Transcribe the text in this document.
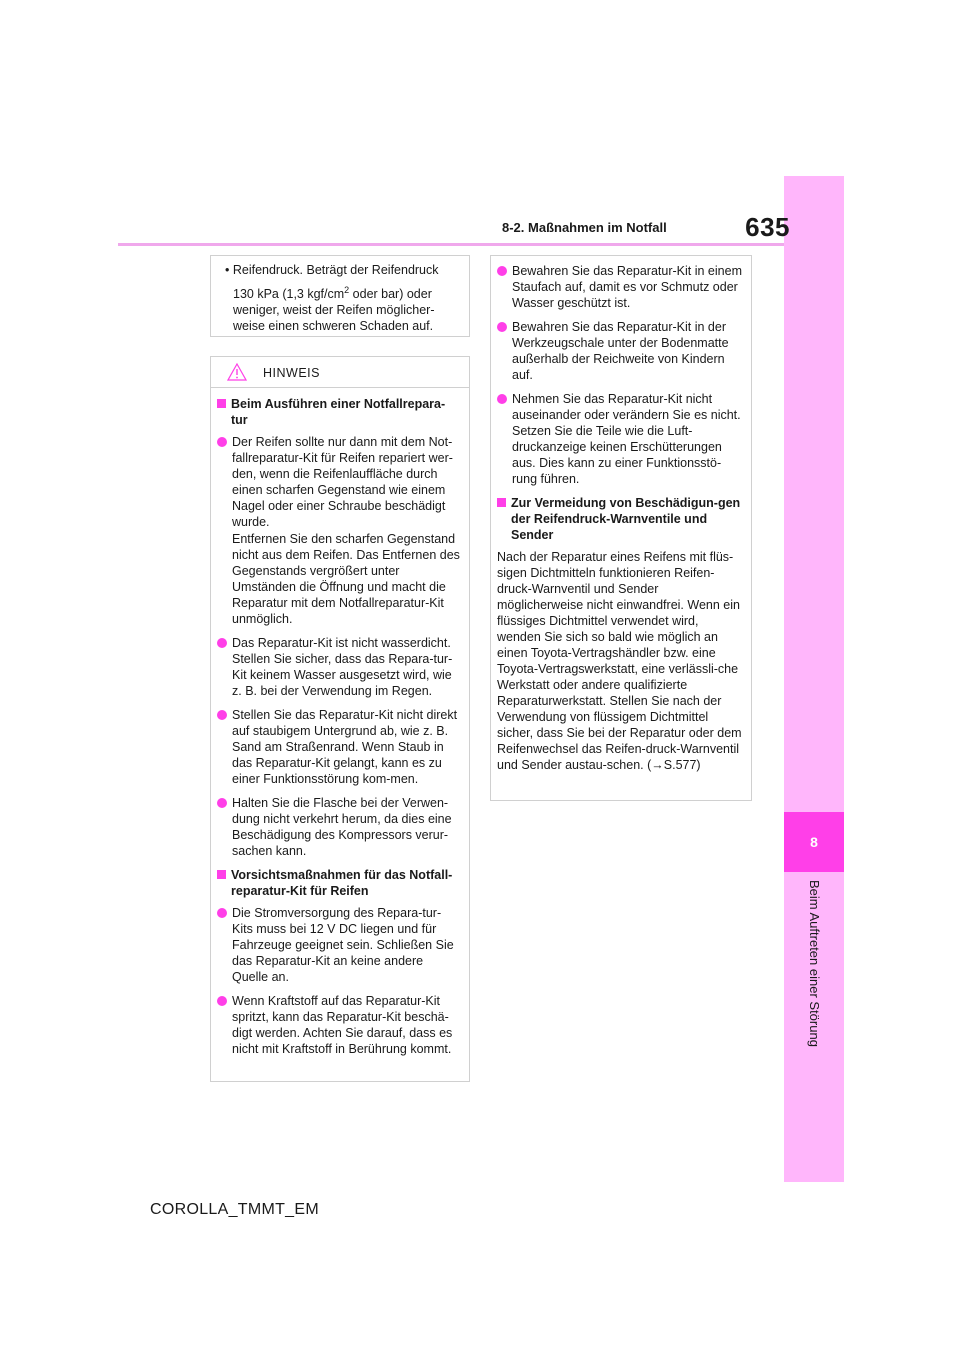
8
Beim Auftreten einer Störung
635
8-2. Maßnahmen im Notfall

• Reifendruck. Beträgt der Reifendruck

130 kPa (1,3 kgf/$cm^2$ oder bar) oder

weniger, weist der Reifen möglicher-

weise einen schweren Schaden auf.

HINWEIS
Beim Ausführen einer Notfallrepara-tur
Der Reifen sollte nur dann mit dem Not-fallreparatur-Kit für Reifen repariert wer-den, wenn die Reifenlauffläche durch einen scharfen Gegenstand wie einem Nagel oder einer Schraube beschädigt wurde.
Entfernen Sie den scharfen Gegenstand nicht aus dem Reifen. Das Entfernen des Gegenstands vergrößert unter Umständen die Öffnung und macht die Reparatur mit dem Notfallreparatur-Kit unmöglich.
Das Reparatur-Kit ist nicht wasserdicht. Stellen Sie sicher, dass das Repara-tur-Kit keinem Wasser ausgesetzt wird, wie z. B. bei der Verwendung im Regen.
Stellen Sie das Reparatur-Kit nicht direkt auf staubigem Untergrund ab, wie z. B. Sand am Straßenrand. Wenn Staub in das Reparatur-Kit gelangt, kann es zu einer Funktionsstörung kom-men.
Halten Sie die Flasche bei der Verwen-dung nicht verkehrt herum, da dies eine Beschädigung des Kompressors verur-sachen kann.
Vorsichtsmaßnahmen für das Notfall-reparatur-Kit für Reifen
Die Stromversorgung des Repara-tur-Kits muss bei 12 V DC liegen und für Fahrzeuge geeignet sein. Schließen Sie das Reparatur-Kit an keine andere Quelle an.
Wenn Kraftstoff auf das Reparatur-Kit spritzt, kann das Reparatur-Kit beschä-digt werden. Achten Sie darauf, dass es nicht mit Kraftstoff in Berührung kommt.
Bewahren Sie das Reparatur-Kit in einem Staufach auf, damit es vor Schmutz oder Wasser geschützt ist.
Bewahren Sie das Reparatur-Kit in der Werkzeugschale unter der Bodenmatte außerhalb der Reichweite von Kindern auf.
Nehmen Sie das Reparatur-Kit nicht auseinander oder verändern Sie es nicht. Setzen Sie die Teile wie die Luft-druckanzeige keinen Erschütterungen aus. Dies kann zu einer Funktionsstö-rung führen.
Zur Vermeidung von Beschädigun-gen der Reifendruck-Warnventile und Sender
Nach der Reparatur eines Reifens mit flüs-sigen Dichtmitteln funktionieren Reifen-druck-Warnventil und Sender möglicherweise nicht einwandfrei. Wenn ein flüssiges Dichtmittel verwendet wird, wenden Sie sich so bald wie möglich an einen Toyota-Vertragshändler bzw. eine Toyota-Vertragswerkstatt, eine verlässli-che Werkstatt oder andere qualifizierte Reparaturwerkstatt. Stellen Sie nach der Verwendung von flüssigem Dichtmittel sicher, dass Sie bei der Reparatur oder dem Reifenwechsel das Reifen-druck-Warnventil und Sender austau-schen. (→S.577)
COROLLA_TMMT_EM
